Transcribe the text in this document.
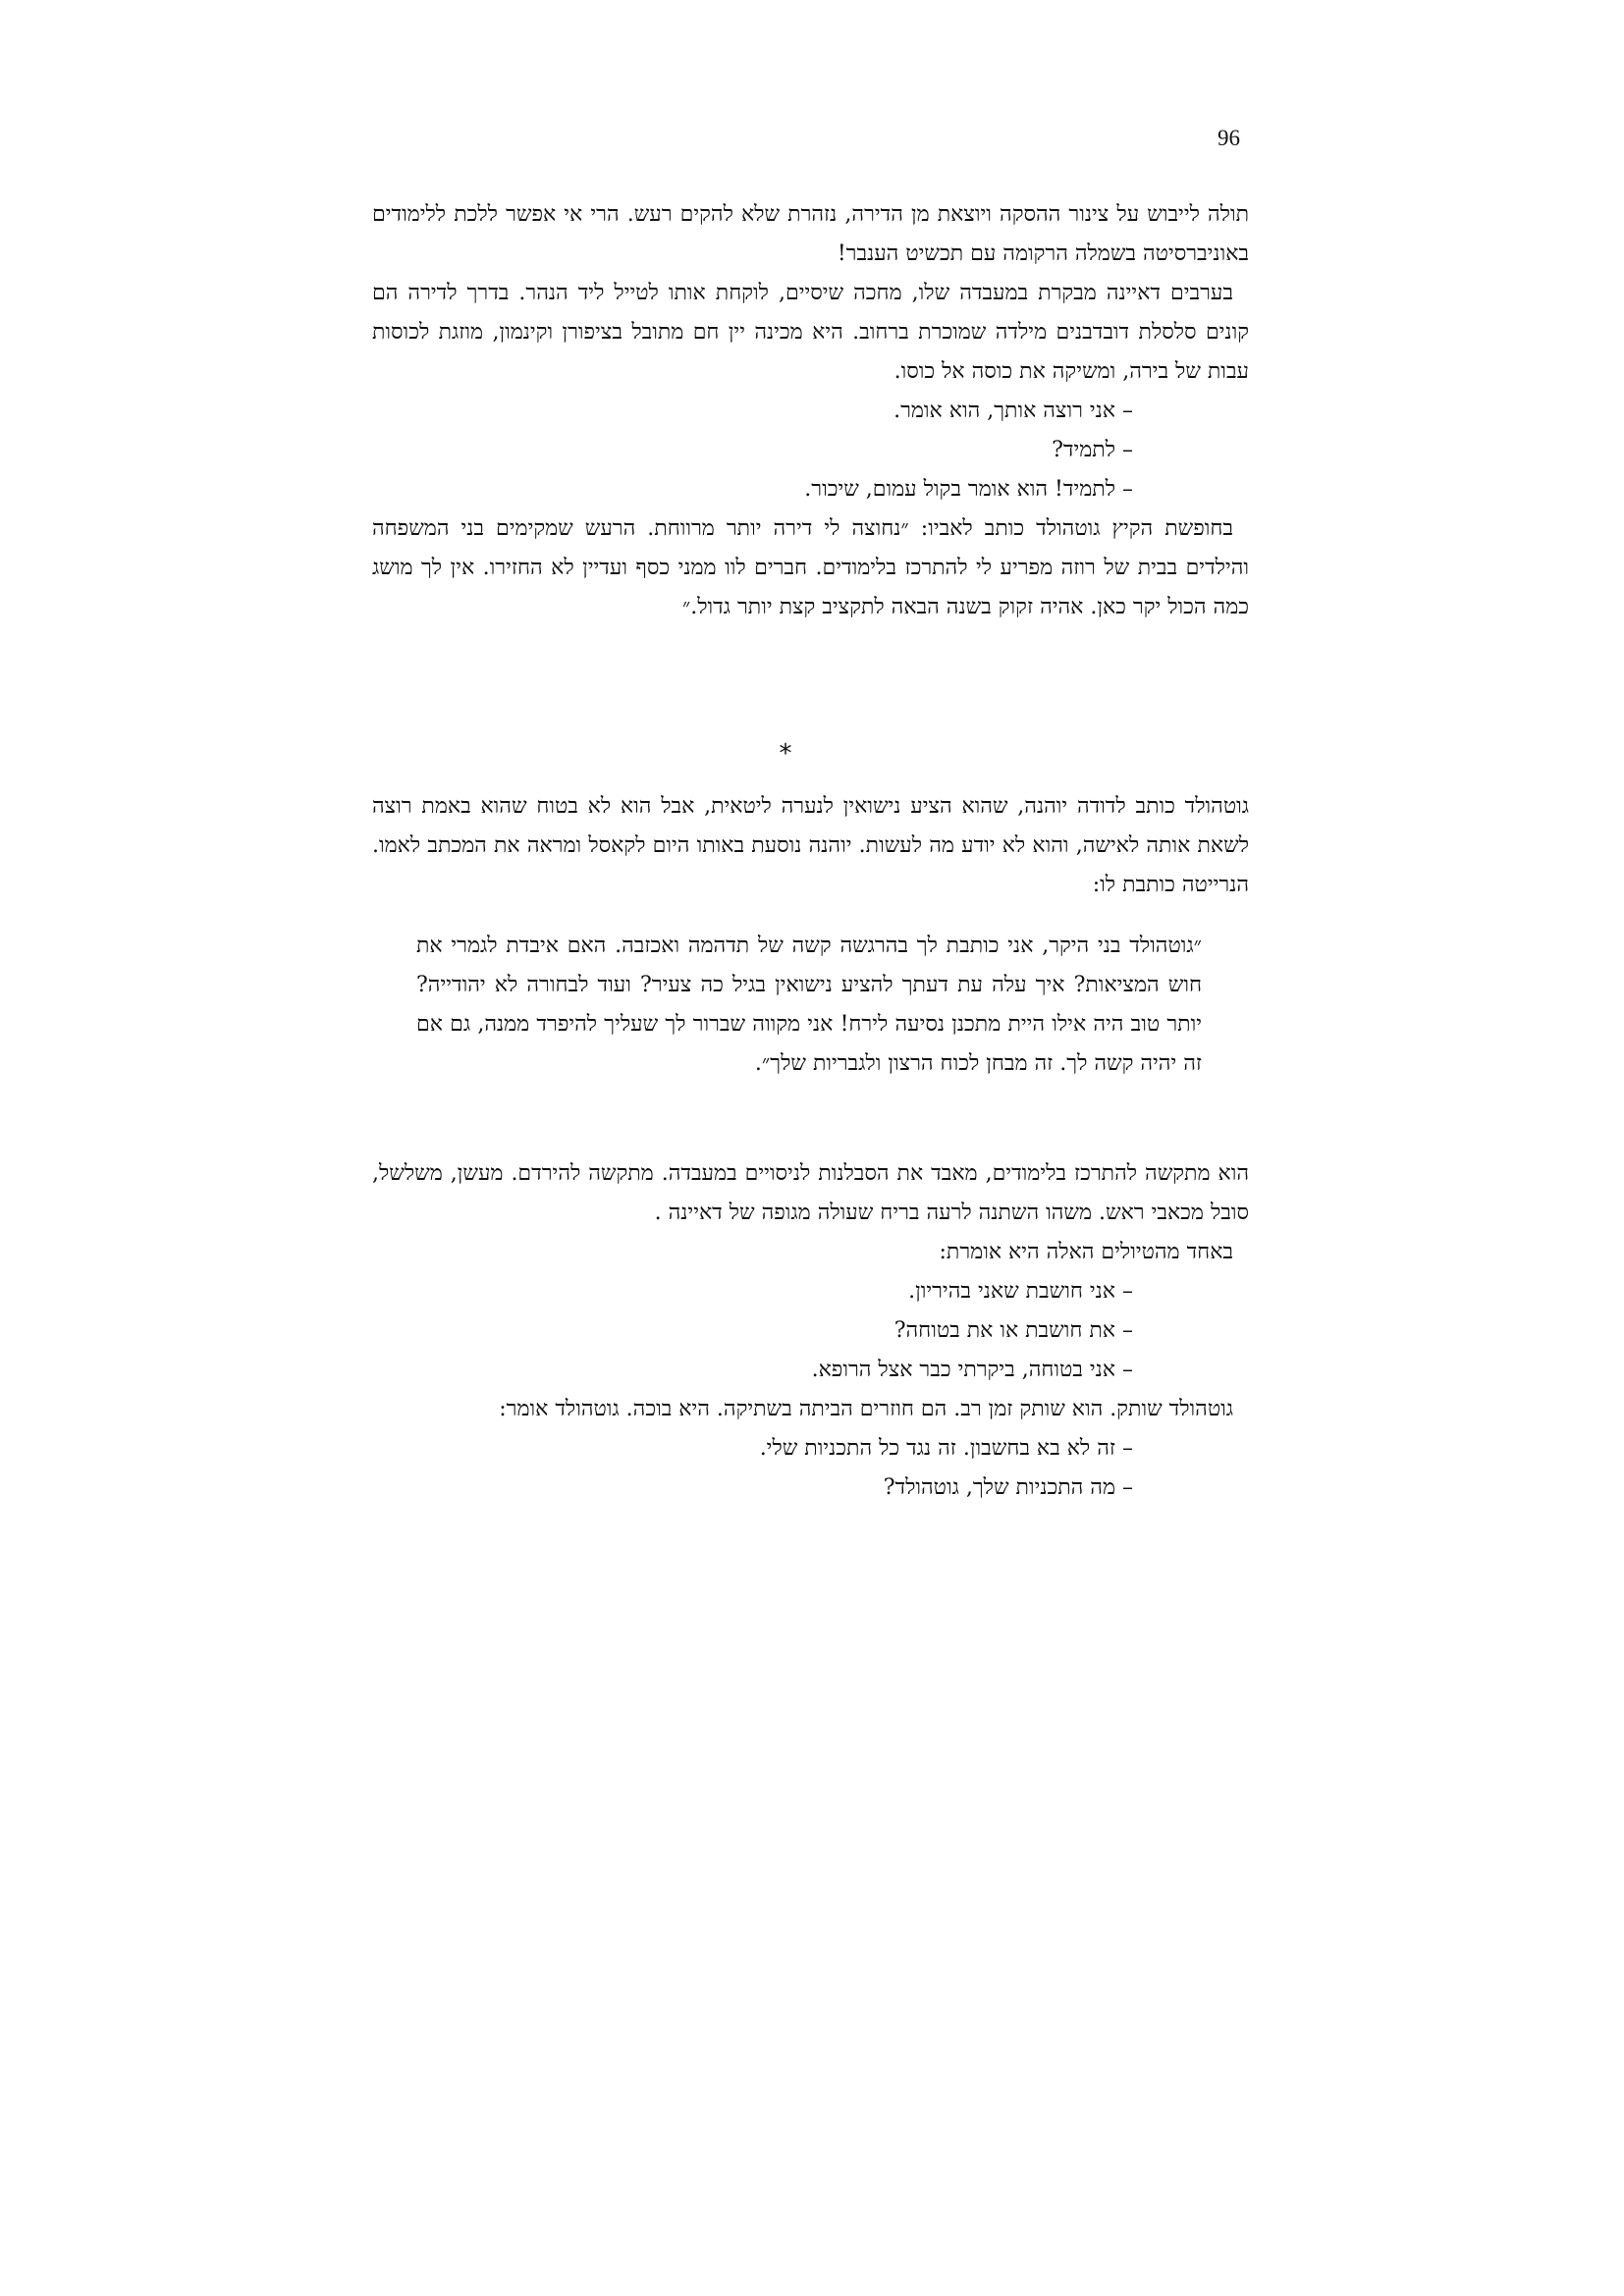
96

תולה לייבוש על צינור ההסקה ויוצאת מן הדירה, נזהרת שלא להקים רעש. הרי אי אפשר ללכת ללימודים באוניברסיטה בשמלה הרקומה עם תכשיט הענבר!

בערבים דאיינה מבקרת במעבדה שלו, מחכה שיסיים, לוקחת אותו לטייל ליד הנהר. בדרך לדירה הם קונים סלסלת דובדבנים מילדה שמוכרת ברחוב. היא מכינה יין חם מתובל בציפורן וקינמון, מוזגת לכוסות עבות של בירה, ומשיקה את כוסה אל כוסו.

– אני רוצה אותך, הוא אומר.

– לתמיד?

– לתמיד! הוא אומר בקול עמום, שיכור.

בחופשת הקיץ גוטהולד כותב לאביו: ״נחוצה לי דירה יותר מרווחת. הרעש שמקימים בני המשפחה והילדים בבית של רוזה מפריע לי להתרכז בלימודים. חברים לוו ממני כסף ועדיין לא החזירו. אין לך מושג כמה הכול יקר כאן. אהיה זקוק בשנה הבאה לתקציב קצת יותר גדול.״

*

גוטהולד כותב לדודה יוהנה, שהוא הציע נישואין לנערה ליטאית, אבל הוא לא בטוח שהוא באמת רוצה לשאת אותה לאישה, והוא לא יודע מה לעשות. יוהנה נוסעת באותו היום לקאסל ומראה את המכתב לאמו. הנרייטה כותבת לו:

״גוטהולד בני היקר, אני כותבת לך בהרגשה קשה של תדהמה ואכזבה. האם איבדת לגמרי את חוש המציאות? איך עלה עת דעתך להציע נישואין בגיל כה צעיר? ועוד לבחורה לא יהודייה? יותר טוב היה אילו היית מתכנן נסיעה לירח! אני מקווה שברור לך שעליך להיפרד ממנה, גם אם זה יהיה קשה לך. זה מבחן לכוח הרצון ולגבריות שלך״.

הוא מתקשה להתרכז בלימודים, מאבד את הסבלנות לניסויים במעבדה. מתקשה להירדם. מעשן, משלשל, סובל מכאבי ראש. משהו השתנה לרעה בריח שעולה מגופה של דאיינה .

באחד מהטיולים האלה היא אומרת:

– אני חושבת שאני בהיריון.

– את חושבת או את בטוחה?

– אני בטוחה, ביקרתי כבר אצל הרופא.

גוטהולד שותק. הוא שותק זמן רב. הם חוזרים הביתה בשתיקה. היא בוכה. גוטהולד אומר:

– זה לא בא בחשבון. זה נגד כל התכניות שלי.

– מה התכניות שלך, גוטהולד?
